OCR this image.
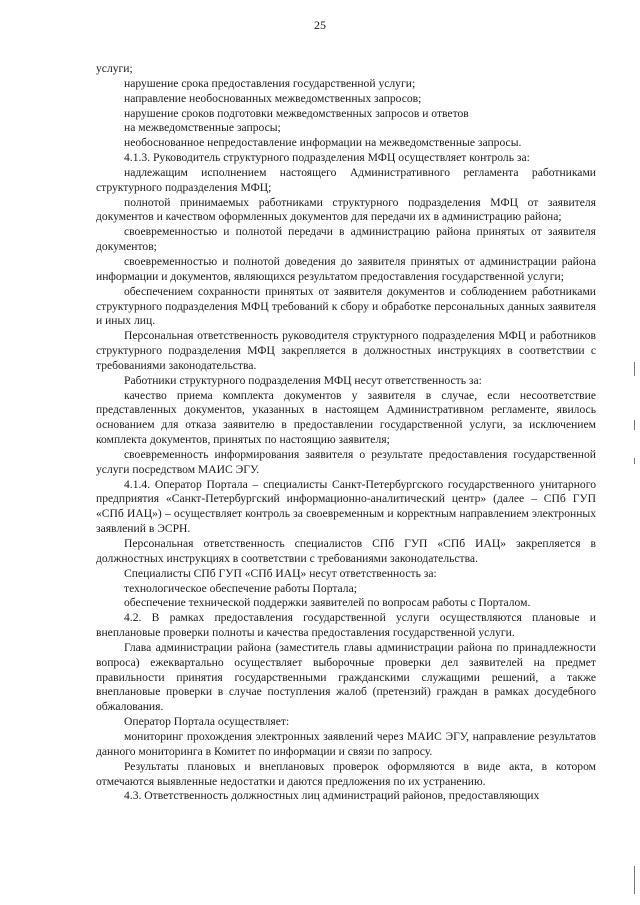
25

услуги;

нарушение срока предоставления государственной услуги;

направление необоснованных межведомственных запросов;

нарушение сроков подготовки межведомственных запросов и ответов

на межведомственные запросы;

необоснованное непредоставление информации на межведомственные запросы.

4.1.3. Руководитель структурного подразделения МФЦ осуществляет контроль за:

надлежащим исполнением настоящего Административного регламента работниками структурного подразделения МФЦ;

полнотой принимаемых работниками структурного подразделения МФЦ от заявителя документов и качеством оформленных документов для передачи их в администрацию района;

своевременностью и полнотой передачи в администрацию района принятых от заявителя документов;

своевременностью и полнотой доведения до заявителя принятых от администрации района информации и документов, являющихся результатом предоставления государственной услуги;

обеспечением сохранности принятых от заявителя документов и соблюдением работниками структурного подразделения МФЦ требований к сбору и обработке персональных данных заявителя и иных лиц.

Персональная ответственность руководителя структурного подразделения МФЦ и работников структурного подразделения МФЦ закрепляется в должностных инструкциях в соответствии с требованиями законодательства.

Работники структурного подразделения МФЦ несут ответственность за:

качество приема комплекта документов у заявителя в случае, если несоответствие представленных документов, указанных в настоящем Административном регламенте, явилось основанием для отказа заявителю в предоставлении государственной услуги, за исключением комплекта документов, принятых по настоящию заявителя;

своевременность информирования заявителя о результате предоставления государственной услуги посредством МАИС ЭГУ.

4.1.4. Оператор Портала – специалисты Санкт-Петербургского государственного унитарного предприятия «Санкт-Петербургский информационно-аналитический центр» (далее – СПб ГУП «СПб ИАЦ») – осуществляет контроль за своевременным и корректным направлением электронных заявлений в ЭСРН.

Персональная ответственность специалистов СПб ГУП «СПб ИАЦ» закрепляется в должностных инструкциях в соответствии с требованиями законодательства.

Специалисты СПб ГУП «СПб ИАЦ» несут ответственность за:

технологическое обеспечение работы Портала;

обеспечение технической поддержки заявителей по вопросам работы с Порталом.

4.2. В рамках предоставления государственной услуги осуществляются плановые и внеплановые проверки полноты и качества предоставления государственной услуги.

Глава администрации района (заместитель главы администрации района по принадлежности вопроса) ежеквартально осуществляет выборочные проверки дел заявителей на предмет правильности принятия государственными гражданскими служащими решений, а также внеплановые проверки в случае поступления жалоб (претензий) граждан в рамках досудебного обжалования.

Оператор Портала осуществляет:

мониторинг прохождения электронных заявлений через МАИС ЭГУ, направление результатов данного мониторинга в Комитет по информации и связи по запросу.

Результаты плановых и внеплановых проверок оформляются в виде акта, в котором отмечаются выявленные недостатки и даются предложения по их устранению.

4.3. Ответственность должностных лиц администраций районов, предоставляющих
